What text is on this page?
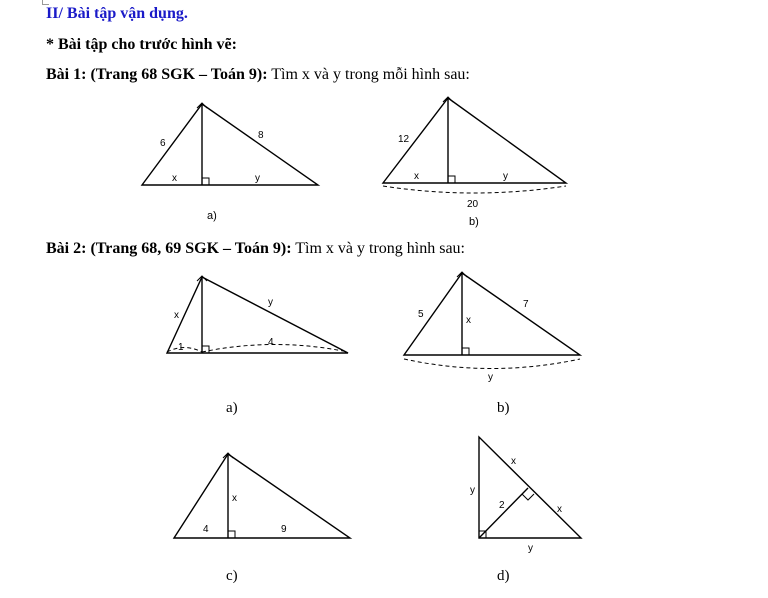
II/ Bài tập vận dụng.
* Bài tập cho trước hình vẽ:
Bài 1: (Trang 68 SGK – Toán 9): Tìm x và y trong mỗi hình sau:
Bài 2: (Trang 68, 69 SGK – Toán 9): Tìm x và y trong hình sau:
6
8
x	y
12
x	y
20
x
y
1	4
5
7
x
y
x
4	9
x
y
2	x
y
a)	b)
a)	b)
c)	d)
